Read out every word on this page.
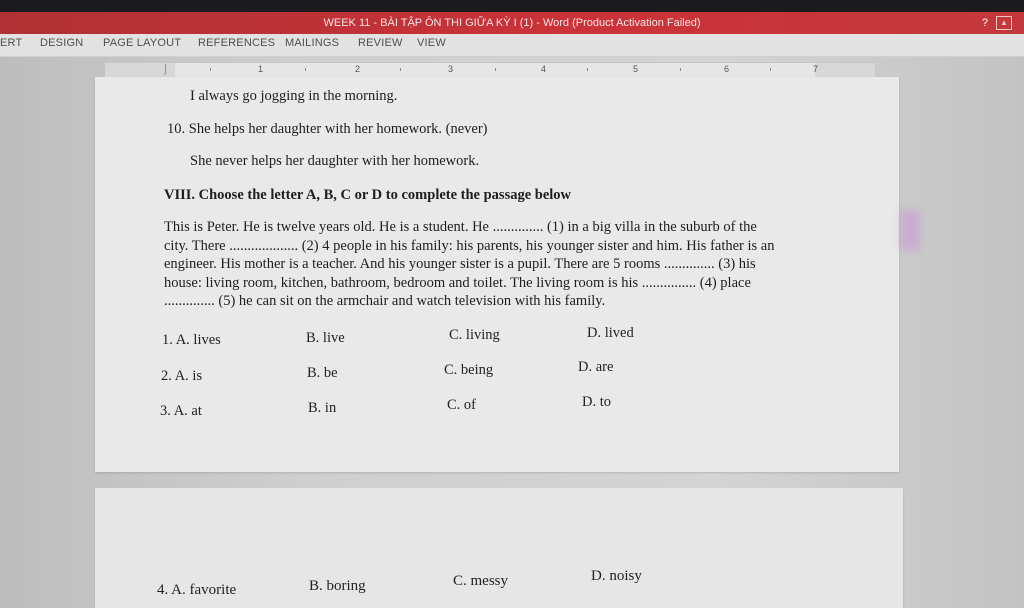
WEEK 11 - BÀI TẬP ÔN THI GIỮA KỲ I (1) - Word (Product Activation Failed)	?	▲
ERT DESIGN PAGE LAYOUT REFERENCES MAILINGS REVIEW VIEW
⌡	1	2	3	4	5	6	7
I always go jogging in the morning.
10. She helps her daughter with her homework. (never)
She never helps her daughter with her homework.
VIII. Choose the letter A, B, C or D to complete the passage below
This is Peter. He is twelve years old. He is a student. He .............. (1) in a big villa in the suburb of the
city. There ................... (2) 4 people in his family: his parents, his younger sister and him. His father is an
engineer. His mother is a teacher. And his younger sister is a pupil. There are 5 rooms .............. (3) his
house: living room, kitchen, bathroom, bedroom and toilet. The living room is his ............... (4) place
.............. (5) he can sit on the armchair and watch television with his family.
1. A. lives	B. live	C. living	D. lived
2. A. is	B. be	C. being	D. are
3. A. at	B. in	C. of	D. to
4. A. favorite	B. boring	C. messy	D. noisy
